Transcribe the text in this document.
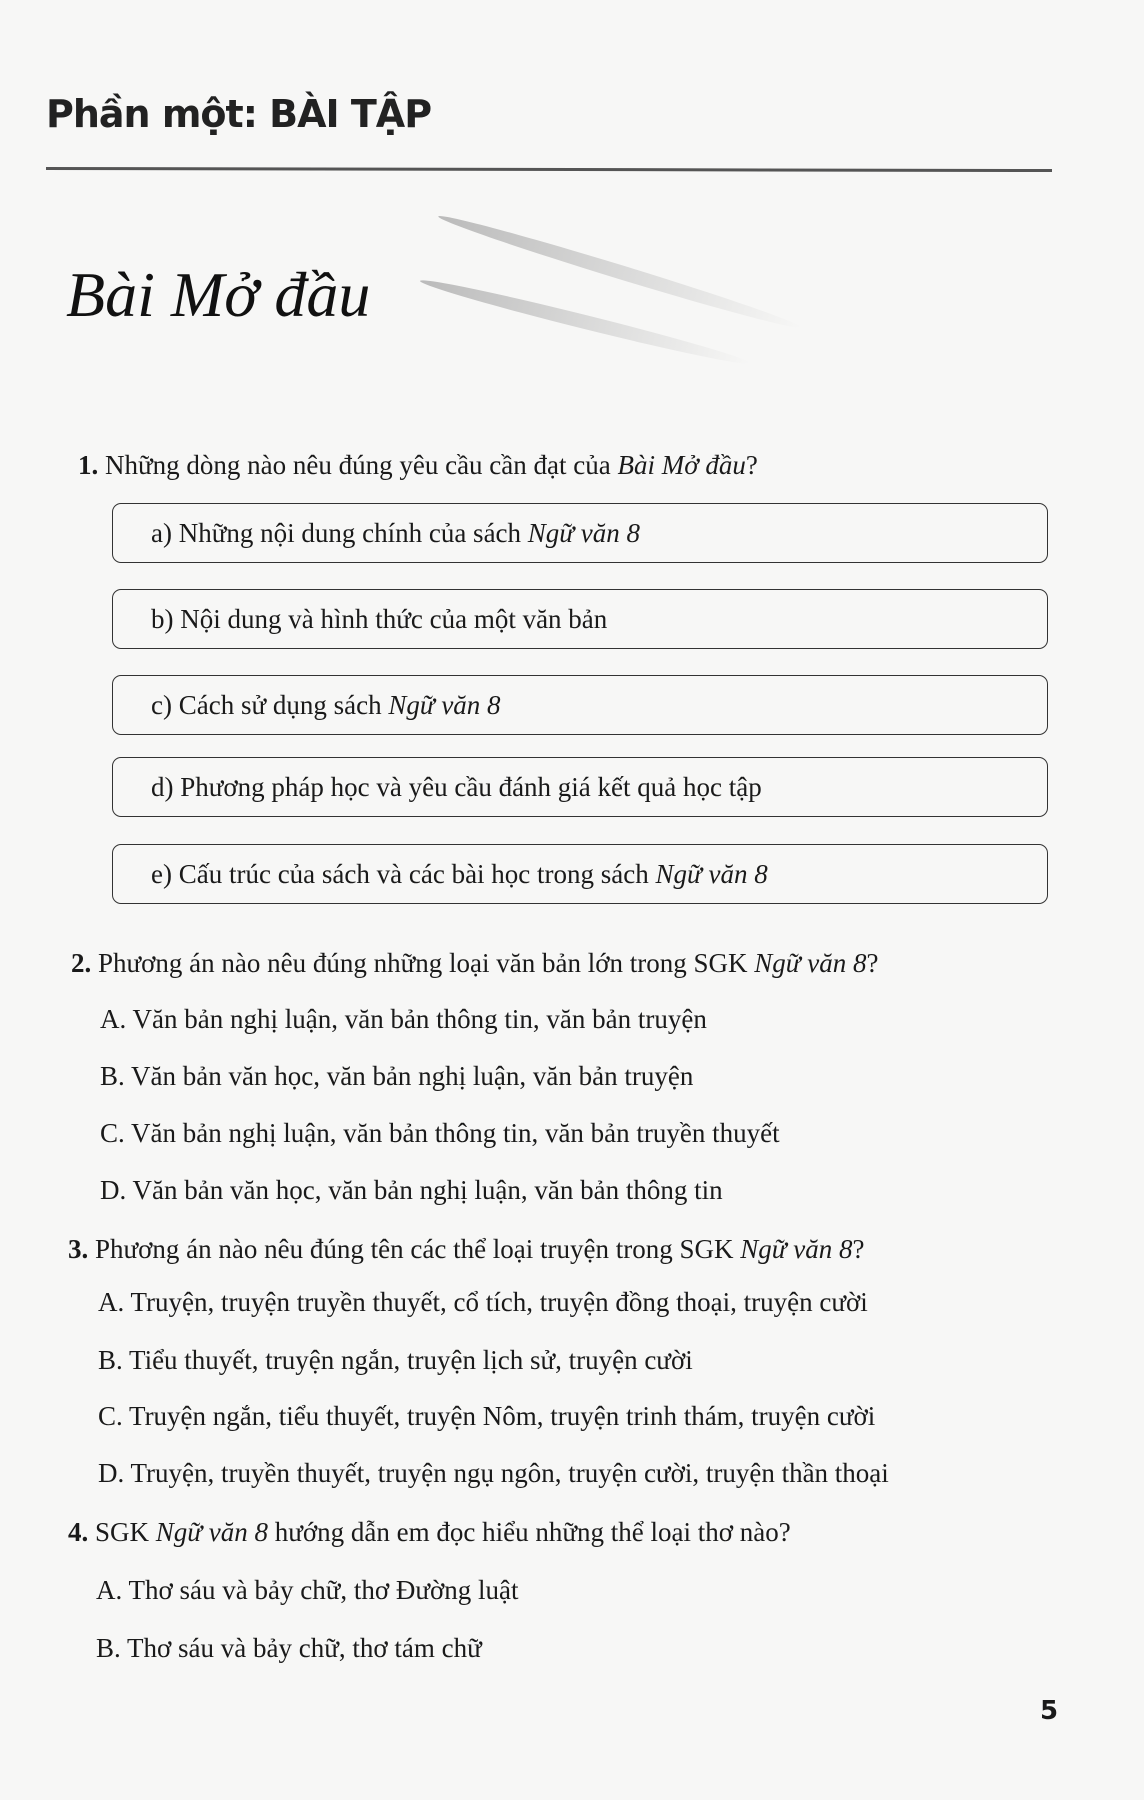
Phần một: BÀI TẬP
Bài Mở đầu
1. Những dòng nào nêu đúng yêu cầu cần đạt của Bài Mở đầu?
a) Những nội dung chính của sách Ngữ văn 8
b) Nội dung và hình thức của một văn bản
c) Cách sử dụng sách Ngữ văn 8
d) Phương pháp học và yêu cầu đánh giá kết quả học tập
e) Cấu trúc của sách và các bài học trong sách Ngữ văn 8
2. Phương án nào nêu đúng những loại văn bản lớn trong SGK Ngữ văn 8?
A. Văn bản nghị luận, văn bản thông tin, văn bản truyện
B. Văn bản văn học, văn bản nghị luận, văn bản truyện
C. Văn bản nghị luận, văn bản thông tin, văn bản truyền thuyết
D. Văn bản văn học, văn bản nghị luận, văn bản thông tin
3. Phương án nào nêu đúng tên các thể loại truyện trong SGK Ngữ văn 8?
A. Truyện, truyện truyền thuyết, cổ tích, truyện đồng thoại, truyện cười
B. Tiểu thuyết, truyện ngắn, truyện lịch sử, truyện cười
C. Truyện ngắn, tiểu thuyết, truyện Nôm, truyện trinh thám, truyện cười
D. Truyện, truyền thuyết, truyện ngụ ngôn, truyện cười, truyện thần thoại
4. SGK Ngữ văn 8 hướng dẫn em đọc hiểu những thể loại thơ nào?
A. Thơ sáu và bảy chữ, thơ Đường luật
B. Thơ sáu và bảy chữ, thơ tám chữ
5
